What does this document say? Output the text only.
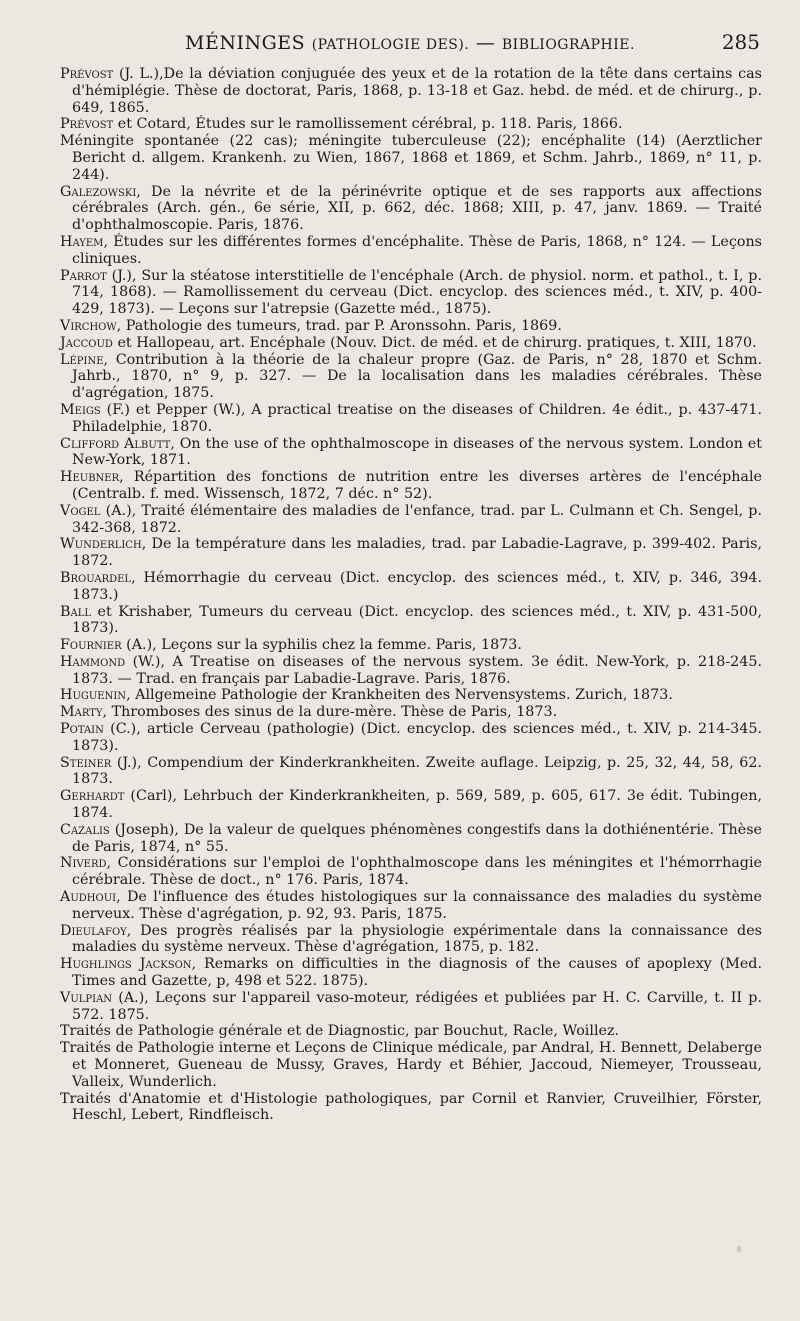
MÉNINGES (PATHOLOGIE DES). — BIBLIOGRAPHIE.	285

Prévost (J. L.),De la déviation conjuguée des yeux et de la rotation de la tête dans certains cas d'hémiplégie. Thèse de doctorat, Paris, 1868, p. 13-18 et Gaz. hebd. de méd. et de chirurg., p. 649, 1865.

Prévost et Cotard, Études sur le ramollissement cérébral, p. 118. Paris, 1866.

Méningite spontanée (22 cas); méningite tuberculeuse (22); encéphalite (14) (Aerztlicher Bericht d. allgem. Krankenh. zu Wien, 1867, 1868 et 1869, et Schm. Jahrb., 1869, n° 11, p. 244).

Galezowski, De la névrite et de la périnévrite optique et de ses rapports aux affections cérébrales (Arch. gén., 6e série, XII, p. 662, déc. 1868; XIII, p. 47, janv. 1869. — Traité d'ophthalmoscopie. Paris, 1876.

Hayem, Études sur les différentes formes d'encéphalite. Thèse de Paris, 1868, n° 124. — Leçons cliniques.

Parrot (J.), Sur la stéatose interstitielle de l'encéphale (Arch. de physiol. norm. et pathol., t. I, p. 714, 1868). — Ramollissement du cerveau (Dict. encyclop. des sciences méd., t. XIV, p. 400-429, 1873). — Leçons sur l'atrepsie (Gazette méd., 1875).

Virchow, Pathologie des tumeurs, trad. par P. Aronssohn. Paris, 1869.

Jaccoud et Hallopeau, art. Encéphale (Nouv. Dict. de méd. et de chirurg. pratiques, t. XIII, 1870.

Lépine, Contribution à la théorie de la chaleur propre (Gaz. de Paris, n° 28, 1870 et Schm. Jahrb., 1870, n° 9, p. 327. — De la localisation dans les maladies cérébrales. Thèse d'agrégation, 1875.

Meigs (F.) et Pepper (W.), A practical treatise on the diseases of Children. 4e édit., p. 437-471. Philadelphie, 1870.

Clifford Albutt, On the use of the ophthalmoscope in diseases of the nervous system. London et New-York, 1871.

Heubner, Répartition des fonctions de nutrition entre les diverses artères de l'encéphale (Centralb. f. med. Wissensch, 1872, 7 déc. n° 52).

Vogel (A.), Traité élémentaire des maladies de l'enfance, trad. par L. Culmann et Ch. Sengel, p. 342-368, 1872.

Wunderlich, De la température dans les maladies, trad. par Labadie-Lagrave, p. 399-402. Paris, 1872.

Brouardel, Hémorrhagie du cerveau (Dict. encyclop. des sciences méd., t. XIV, p. 346, 394. 1873.)

Ball et Krishaber, Tumeurs du cerveau (Dict. encyclop. des sciences méd., t. XIV, p. 431-500, 1873).

Fournier (A.), Leçons sur la syphilis chez la femme. Paris, 1873.

Hammond (W.), A Treatise on diseases of the nervous system. 3e édit. New-York, p. 218-245. 1873. — Trad. en français par Labadie-Lagrave. Paris, 1876.

Huguenin, Allgemeine Pathologie der Krankheiten des Nervensystems. Zurich, 1873.

Marty, Thromboses des sinus de la dure-mère. Thèse de Paris, 1873.

Potain (C.), article Cerveau (pathologie) (Dict. encyclop. des sciences méd., t. XIV, p. 214-345. 1873).

Steiner (J.), Compendium der Kinderkrankheiten. Zweite auflage. Leipzig, p. 25, 32, 44, 58, 62. 1873.

Gerhardt (Carl), Lehrbuch der Kinderkrankheiten, p. 569, 589, p. 605, 617. 3e édit. Tubingen, 1874.

Cazalis (Joseph), De la valeur de quelques phénomènes congestifs dans la dothiénentérie. Thèse de Paris, 1874, n° 55.

Niverd, Considérations sur l'emploi de l'ophthalmoscope dans les méningites et l'hémorrhagie cérébrale. Thèse de doct., n° 176. Paris, 1874.

Audhoui, De l'influence des études histologiques sur la connaissance des maladies du système nerveux. Thèse d'agrégation, p. 92, 93. Paris, 1875.

Dieulafoy, Des progrès réalisés par la physiologie expérimentale dans la connaissance des maladies du système nerveux. Thèse d'agrégation, 1875, p. 182.

Hughlings Jackson, Remarks on difficulties in the diagnosis of the causes of apoplexy (Med. Times and Gazette, p, 498 et 522. 1875).

Vulpian (A.), Leçons sur l'appareil vaso-moteur, rédigées et publiées par H. C. Carville, t. II p. 572. 1875.

Traités de Pathologie générale et de Diagnostic, par Bouchut, Racle, Woillez.

Traités de Pathologie interne et Leçons de Clinique médicale, par Andral, H. Bennett, Delaberge et Monneret, Gueneau de Mussy, Graves, Hardy et Béhier, Jaccoud, Niemeyer, Trousseau, Valleix, Wunderlich.

Traités d'Anatomie et d'Histologie pathologiques, par Cornil et Ranvier, Cruveilhier, Förster, Heschl, Lebert, Rindfleisch.
